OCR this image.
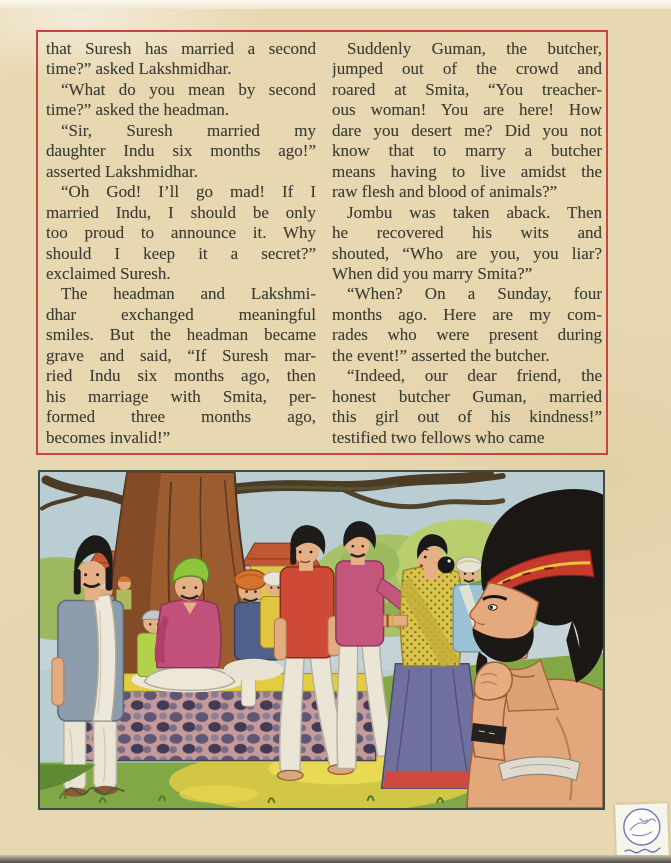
that Suresh has married a second
time?” asked Lakshmidhar.
“What do you mean by second
time?” asked the headman.
“Sir, Suresh married my
daughter Indu six months ago!”
asserted Lakshmidhar.
“Oh God! I’ll go mad! If I
married Indu, I should be only
too proud to announce it. Why
should I keep it a secret?”
exclaimed Suresh.
The headman and Lakshmi-
dhar exchanged meaningful
smiles. But the headman became
grave and said, “If Suresh mar-
ried Indu six months ago, then
his marriage with Smita, per-
formed three months ago,
becomes invalid!”
Suddenly Guman, the butcher,
jumped out of the crowd and
roared at Smita, “You treacher-
ous woman! You are here! How
dare you desert me? Did you not
know that to marry a butcher
means having to live amidst the
raw flesh and blood of animals?”
Jombu was taken aback. Then
he recovered his wits and
shouted, “Who are you, you liar?
When did you marry Smita?”
“When? On a Sunday, four
months ago. Here are my com-
rades who were present during
the event!” asserted the butcher.
“Indeed, our dear friend, the
honest butcher Guman, married
this girl out of his kindness!”
testified two fellows who came
